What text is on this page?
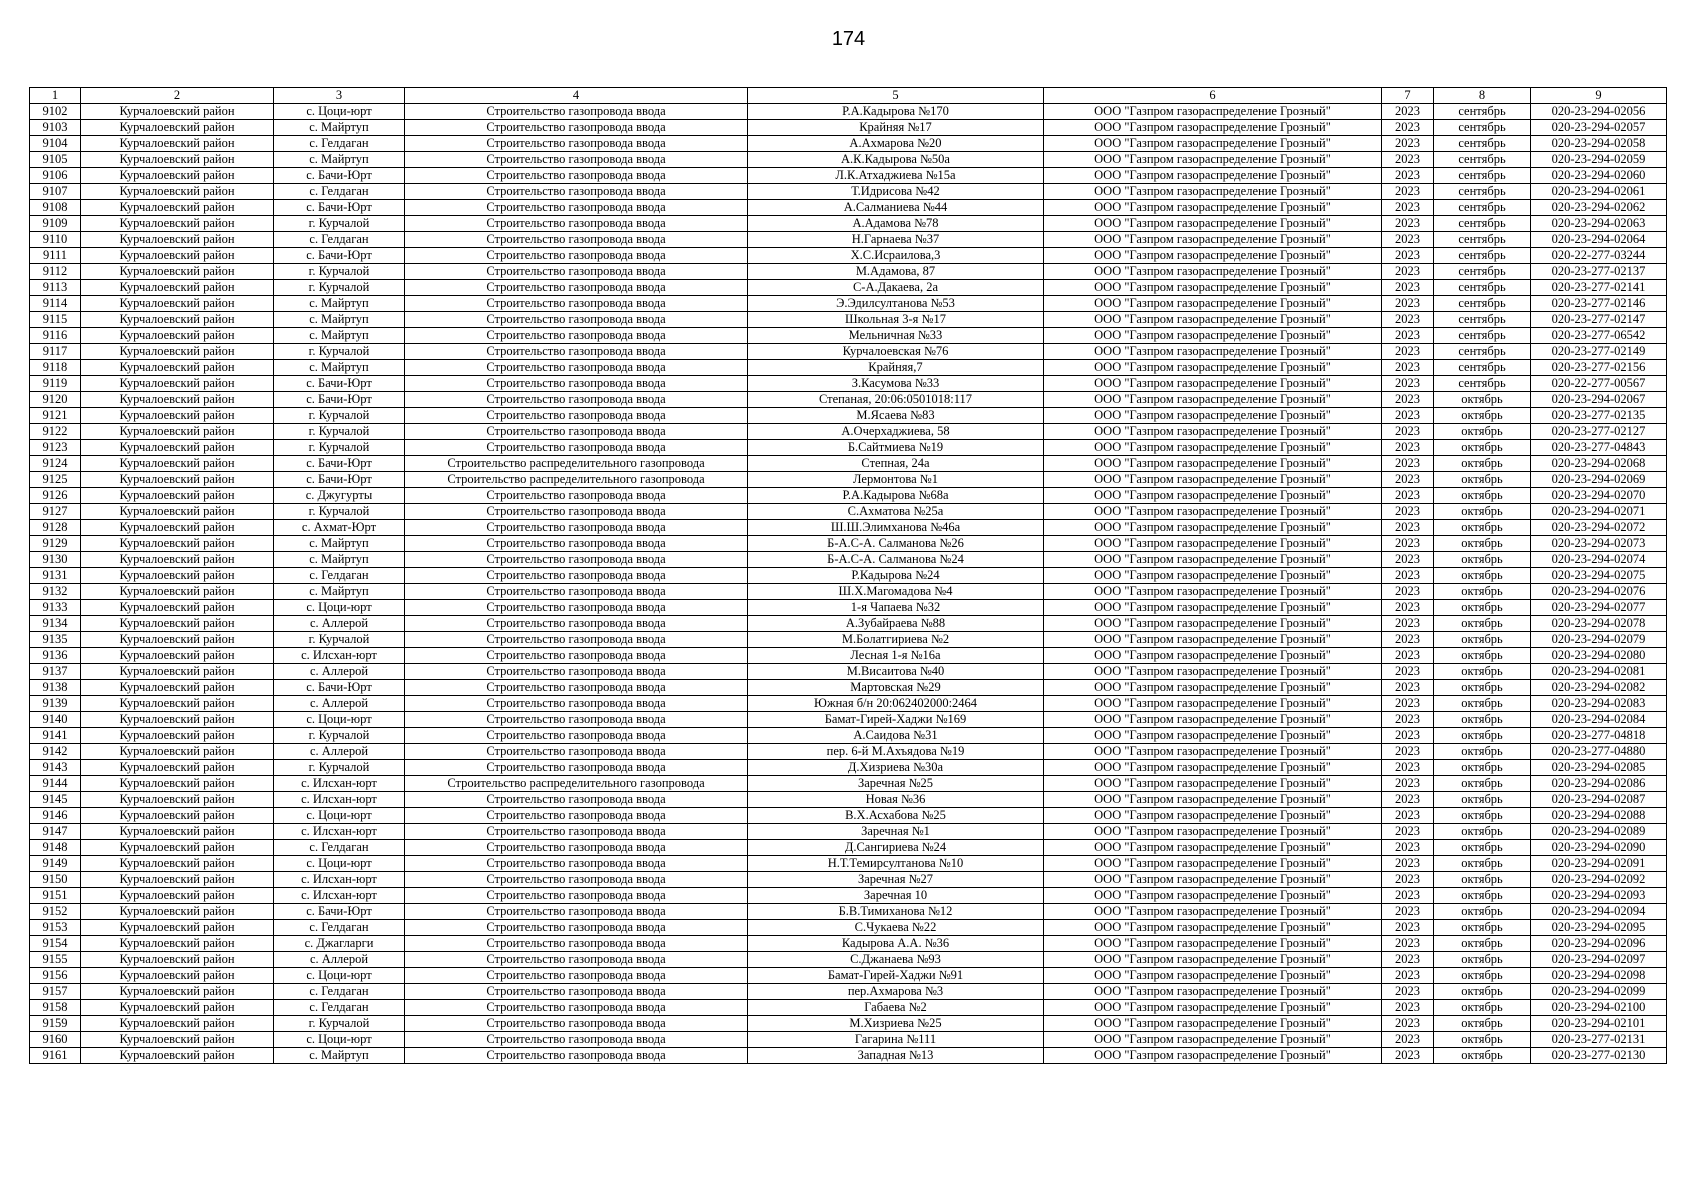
174
1	2	3	4	5	6	7	8	9
9102	Курчалоевский район	с. Цоци-юрт	Строительство газопровода ввода	Р.А.Кадырова №170	ООО "Газпром газораспределение Грозный"	2023	сентябрь	020-23-294-02056
9103	Курчалоевский район	с. Майртуп	Строительство газопровода ввода	Крайняя №17	ООО "Газпром газораспределение Грозный"	2023	сентябрь	020-23-294-02057
9104	Курчалоевский район	с. Гелдаган	Строительство газопровода ввода	А.Ахмарова №20	ООО "Газпром газораспределение Грозный"	2023	сентябрь	020-23-294-02058
9105	Курчалоевский район	с. Майртуп	Строительство газопровода ввода	А.К.Кадырова №50а	ООО "Газпром газораспределение Грозный"	2023	сентябрь	020-23-294-02059
9106	Курчалоевский район	с. Бачи-Юрт	Строительство газопровода ввода	Л.К.Атхаджиева №15а	ООО "Газпром газораспределение Грозный"	2023	сентябрь	020-23-294-02060
9107	Курчалоевский район	с. Гелдаган	Строительство газопровода ввода	Т.Идрисова №42	ООО "Газпром газораспределение Грозный"	2023	сентябрь	020-23-294-02061
9108	Курчалоевский район	с. Бачи-Юрт	Строительство газопровода ввода	А.Салманиева №44	ООО "Газпром газораспределение Грозный"	2023	сентябрь	020-23-294-02062
9109	Курчалоевский район	г. Курчалой	Строительство газопровода ввода	А.Адамова №78	ООО "Газпром газораспределение Грозный"	2023	сентябрь	020-23-294-02063
9110	Курчалоевский район	с. Гелдаган	Строительство газопровода ввода	Н.Гарнаева №37	ООО "Газпром газораспределение Грозный"	2023	сентябрь	020-23-294-02064
9111	Курчалоевский район	с. Бачи-Юрт	Строительство газопровода ввода	Х.С.Исраилова,3	ООО "Газпром газораспределение Грозный"	2023	сентябрь	020-22-277-03244
9112	Курчалоевский район	г. Курчалой	Строительство газопровода ввода	М.Адамова, 87	ООО "Газпром газораспределение Грозный"	2023	сентябрь	020-23-277-02137
9113	Курчалоевский район	г. Курчалой	Строительство газопровода ввода	С-А.Дакаева, 2а	ООО "Газпром газораспределение Грозный"	2023	сентябрь	020-23-277-02141
9114	Курчалоевский район	с. Майртуп	Строительство газопровода ввода	Э.Эдилсултанова №53	ООО "Газпром газораспределение Грозный"	2023	сентябрь	020-23-277-02146
9115	Курчалоевский район	с. Майртуп	Строительство газопровода ввода	Школьная 3-я №17	ООО "Газпром газораспределение Грозный"	2023	сентябрь	020-23-277-02147
9116	Курчалоевский район	с. Майртуп	Строительство газопровода ввода	Мельничная №33	ООО "Газпром газораспределение Грозный"	2023	сентябрь	020-23-277-06542
9117	Курчалоевский район	г. Курчалой	Строительство газопровода ввода	Курчалоевская №76	ООО "Газпром газораспределение Грозный"	2023	сентябрь	020-23-277-02149
9118	Курчалоевский район	с. Майртуп	Строительство газопровода ввода	Крайняя,7	ООО "Газпром газораспределение Грозный"	2023	сентябрь	020-23-277-02156
9119	Курчалоевский район	с. Бачи-Юрт	Строительство газопровода ввода	З.Касумова №33	ООО "Газпром газораспределение Грозный"	2023	сентябрь	020-22-277-00567
9120	Курчалоевский район	с. Бачи-Юрт	Строительство газопровода ввода	Степаная, 20:06:0501018:117	ООО "Газпром газораспределение Грозный"	2023	октябрь	020-23-294-02067
9121	Курчалоевский район	г. Курчалой	Строительство газопровода ввода	М.Ясаева №83	ООО "Газпром газораспределение Грозный"	2023	октябрь	020-23-277-02135
9122	Курчалоевский район	г. Курчалой	Строительство газопровода ввода	А.Очерхаджиева, 58	ООО "Газпром газораспределение Грозный"	2023	октябрь	020-23-277-02127
9123	Курчалоевский район	г. Курчалой	Строительство газопровода ввода	Б.Сайтмиева №19	ООО "Газпром газораспределение Грозный"	2023	октябрь	020-23-277-04843
9124	Курчалоевский район	с. Бачи-Юрт	Строительство распределительного газопровода	Степная, 24а	ООО "Газпром газораспределение Грозный"	2023	октябрь	020-23-294-02068
9125	Курчалоевский район	с. Бачи-Юрт	Строительство распределительного газопровода	Лермонтова №1	ООО "Газпром газораспределение Грозный"	2023	октябрь	020-23-294-02069
9126	Курчалоевский район	с. Джугурты	Строительство газопровода ввода	Р.А.Кадырова №68а	ООО "Газпром газораспределение Грозный"	2023	октябрь	020-23-294-02070
9127	Курчалоевский район	г. Курчалой	Строительство газопровода ввода	С.Ахматова №25а	ООО "Газпром газораспределение Грозный"	2023	октябрь	020-23-294-02071
9128	Курчалоевский район	с. Ахмат-Юрт	Строительство газопровода ввода	Ш.Ш.Элимханова №46а	ООО "Газпром газораспределение Грозный"	2023	октябрь	020-23-294-02072
9129	Курчалоевский район	с. Майртуп	Строительство газопровода ввода	Б-А.С-А. Салманова №26	ООО "Газпром газораспределение Грозный"	2023	октябрь	020-23-294-02073
9130	Курчалоевский район	с. Майртуп	Строительство газопровода ввода	Б-А.С-А. Салманова №24	ООО "Газпром газораспределение Грозный"	2023	октябрь	020-23-294-02074
9131	Курчалоевский район	с. Гелдаган	Строительство газопровода ввода	Р.Кадырова №24	ООО "Газпром газораспределение Грозный"	2023	октябрь	020-23-294-02075
9132	Курчалоевский район	с. Майртуп	Строительство газопровода ввода	Ш.Х.Магомадова №4	ООО "Газпром газораспределение Грозный"	2023	октябрь	020-23-294-02076
9133	Курчалоевский район	с. Цоци-юрт	Строительство газопровода ввода	1-я Чапаева №32	ООО "Газпром газораспределение Грозный"	2023	октябрь	020-23-294-02077
9134	Курчалоевский район	с. Аллерой	Строительство газопровода ввода	А.Зубайраева №88	ООО "Газпром газораспределение Грозный"	2023	октябрь	020-23-294-02078
9135	Курчалоевский район	г. Курчалой	Строительство газопровода ввода	М.Болатгириева №2	ООО "Газпром газораспределение Грозный"	2023	октябрь	020-23-294-02079
9136	Курчалоевский район	с. Илсхан-юрт	Строительство газопровода ввода	Лесная 1-я №16а	ООО "Газпром газораспределение Грозный"	2023	октябрь	020-23-294-02080
9137	Курчалоевский район	с. Аллерой	Строительство газопровода ввода	М.Висаитова №40	ООО "Газпром газораспределение Грозный"	2023	октябрь	020-23-294-02081
9138	Курчалоевский район	с. Бачи-Юрт	Строительство газопровода ввода	Мартовская №29	ООО "Газпром газораспределение Грозный"	2023	октябрь	020-23-294-02082
9139	Курчалоевский район	с. Аллерой	Строительство газопровода ввода	Южная б/н 20:062402000:2464	ООО "Газпром газораспределение Грозный"	2023	октябрь	020-23-294-02083
9140	Курчалоевский район	с. Цоци-юрт	Строительство газопровода ввода	Бамат-Гирей-Хаджи №169	ООО "Газпром газораспределение Грозный"	2023	октябрь	020-23-294-02084
9141	Курчалоевский район	г. Курчалой	Строительство газопровода ввода	А.Саидова №31	ООО "Газпром газораспределение Грозный"	2023	октябрь	020-23-277-04818
9142	Курчалоевский район	с. Аллерой	Строительство газопровода ввода	пер. 6-й М.Ахъядова №19	ООО "Газпром газораспределение Грозный"	2023	октябрь	020-23-277-04880
9143	Курчалоевский район	г. Курчалой	Строительство газопровода ввода	Д.Хизриева №30а	ООО "Газпром газораспределение Грозный"	2023	октябрь	020-23-294-02085
9144	Курчалоевский район	с. Илсхан-юрт	Строительство распределительного газопровода	Заречная №25	ООО "Газпром газораспределение Грозный"	2023	октябрь	020-23-294-02086
9145	Курчалоевский район	с. Илсхан-юрт	Строительство газопровода ввода	Новая №36	ООО "Газпром газораспределение Грозный"	2023	октябрь	020-23-294-02087
9146	Курчалоевский район	с. Цоци-юрт	Строительство газопровода ввода	В.Х.Асхабова №25	ООО "Газпром газораспределение Грозный"	2023	октябрь	020-23-294-02088
9147	Курчалоевский район	с. Илсхан-юрт	Строительство газопровода ввода	Заречная №1	ООО "Газпром газораспределение Грозный"	2023	октябрь	020-23-294-02089
9148	Курчалоевский район	с. Гелдаган	Строительство газопровода ввода	Д.Сангириева №24	ООО "Газпром газораспределение Грозный"	2023	октябрь	020-23-294-02090
9149	Курчалоевский район	с. Цоци-юрт	Строительство газопровода ввода	Н.Т.Темирсултанова №10	ООО "Газпром газораспределение Грозный"	2023	октябрь	020-23-294-02091
9150	Курчалоевский район	с. Илсхан-юрт	Строительство газопровода ввода	Заречная №27	ООО "Газпром газораспределение Грозный"	2023	октябрь	020-23-294-02092
9151	Курчалоевский район	с. Илсхан-юрт	Строительство газопровода ввода	Заречная 10	ООО "Газпром газораспределение Грозный"	2023	октябрь	020-23-294-02093
9152	Курчалоевский район	с. Бачи-Юрт	Строительство газопровода ввода	Б.В.Тимиханова №12	ООО "Газпром газораспределение Грозный"	2023	октябрь	020-23-294-02094
9153	Курчалоевский район	с. Гелдаган	Строительство газопровода ввода	С.Чукаева №22	ООО "Газпром газораспределение Грозный"	2023	октябрь	020-23-294-02095
9154	Курчалоевский район	с. Джагларги	Строительство газопровода ввода	Кадырова А.А. №36	ООО "Газпром газораспределение Грозный"	2023	октябрь	020-23-294-02096
9155	Курчалоевский район	с. Аллерой	Строительство газопровода ввода	С.Джанаева №93	ООО "Газпром газораспределение Грозный"	2023	октябрь	020-23-294-02097
9156	Курчалоевский район	с. Цоци-юрт	Строительство газопровода ввода	Бамат-Гирей-Хаджи №91	ООО "Газпром газораспределение Грозный"	2023	октябрь	020-23-294-02098
9157	Курчалоевский район	с. Гелдаган	Строительство газопровода ввода	пер.Ахмарова №3	ООО "Газпром газораспределение Грозный"	2023	октябрь	020-23-294-02099
9158	Курчалоевский район	с. Гелдаган	Строительство газопровода ввода	Габаева №2	ООО "Газпром газораспределение Грозный"	2023	октябрь	020-23-294-02100
9159	Курчалоевский район	г. Курчалой	Строительство газопровода ввода	М.Хизриева №25	ООО "Газпром газораспределение Грозный"	2023	октябрь	020-23-294-02101
9160	Курчалоевский район	с. Цоци-юрт	Строительство газопровода ввода	Гагарина №111	ООО "Газпром газораспределение Грозный"	2023	октябрь	020-23-277-02131
9161	Курчалоевский район	с. Майртуп	Строительство газопровода ввода	Западная №13	ООО "Газпром газораспределение Грозный"	2023	октябрь	020-23-277-02130
